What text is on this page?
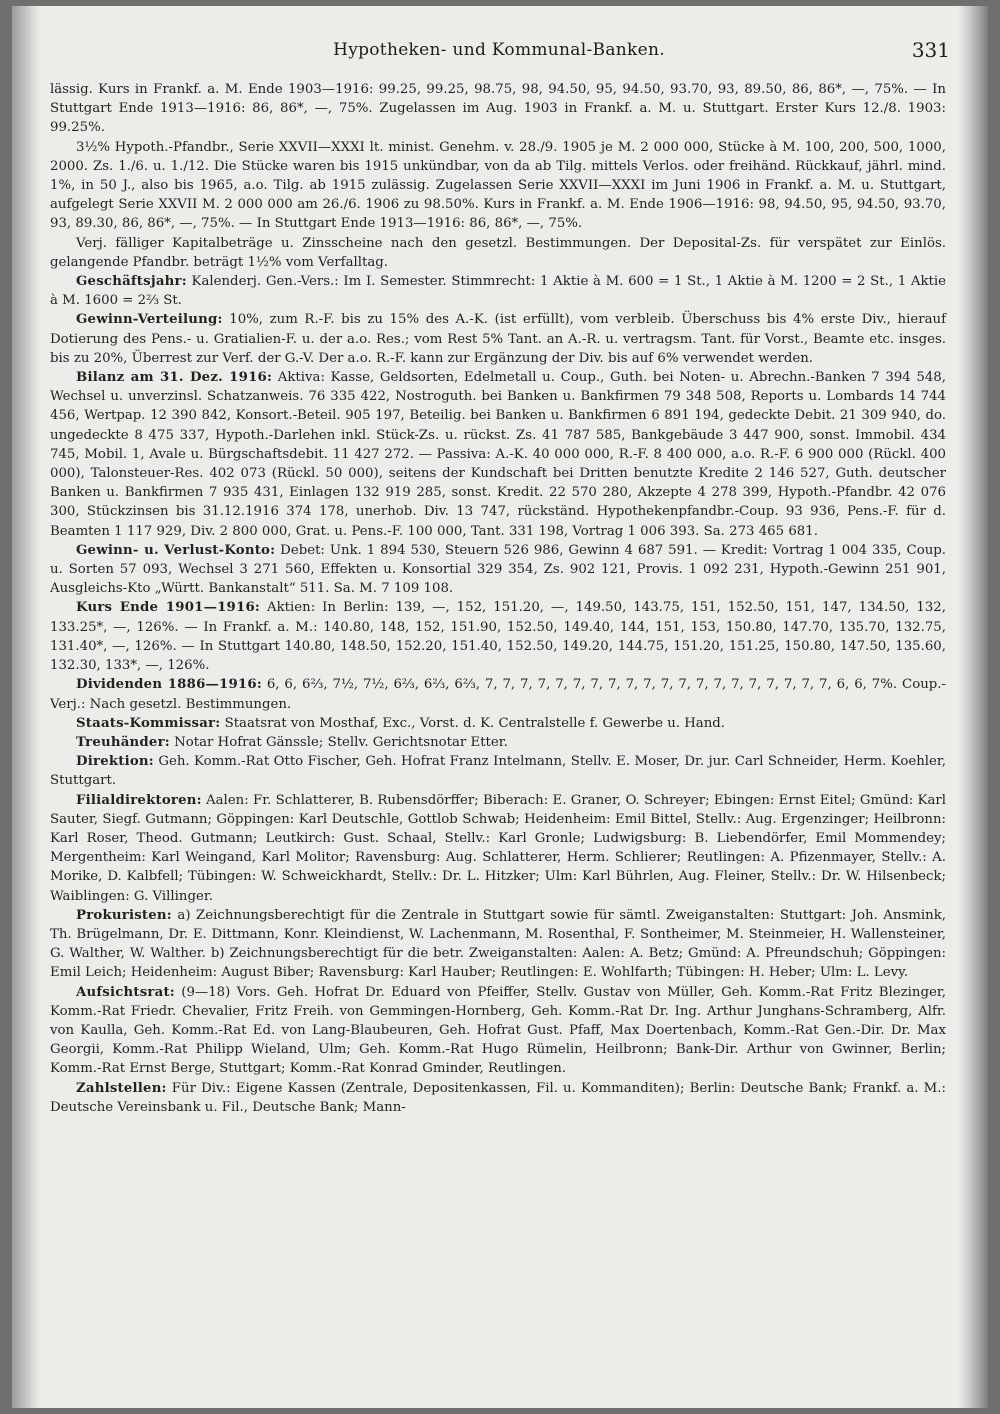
Hypotheken- und Kommunal-Banken.	331

lässig. Kurs in Frankf. a. M. Ende 1903—1916: 99.25, 99.25, 98.75, 98, 94.50, 95, 94.50, 93.70, 93, 89.50, 86, 86*, —, 75%. — In Stuttgart Ende 1913—1916: 86, 86*, —, 75%. Zugelassen im Aug. 1903 in Frankf. a. M. u. Stuttgart. Erster Kurs 12./8. 1903: 99.25%.

3½% Hypoth.-Pfandbr., Serie XXVII—XXXI lt. minist. Genehm. v. 28./9. 1905 je M. 2 000 000, Stücke à M. 100, 200, 500, 1000, 2000. Zs. 1./6. u. 1./12. Die Stücke waren bis 1915 unkündbar, von da ab Tilg. mittels Verlos. oder freihänd. Rückkauf, jährl. mind. 1%, in 50 J., also bis 1965, a.o. Tilg. ab 1915 zulässig. Zugelassen Serie XXVII—XXXI im Juni 1906 in Frankf. a. M. u. Stuttgart, aufgelegt Serie XXVII M. 2 000 000 am 26./6. 1906 zu 98.50%. Kurs in Frankf. a. M. Ende 1906—1916: 98, 94.50, 95, 94.50, 93.70, 93, 89.30, 86, 86*, —, 75%. — In Stuttgart Ende 1913—1916: 86, 86*, —, 75%.

Verj. fälliger Kapitalbeträge u. Zinsscheine nach den gesetzl. Bestimmungen. Der Deposital-Zs. für verspätet zur Einlös. gelangende Pfandbr. beträgt 1½% vom Verfalltag.

Geschäftsjahr: Kalenderj. Gen.-Vers.: Im I. Semester. Stimmrecht: 1 Aktie à M. 600 = 1 St., 1 Aktie à M. 1200 = 2 St., 1 Aktie à M. 1600 = 2⅔ St.

Gewinn-Verteilung: 10%, zum R.-F. bis zu 15% des A.-K. (ist erfüllt), vom verbleib. Überschuss bis 4% erste Div., hierauf Dotierung des Pens.- u. Gratialien-F. u. der a.o. Res.; vom Rest 5% Tant. an A.-R. u. vertragsm. Tant. für Vorst., Beamte etc. insges. bis zu 20%, Überrest zur Verf. der G.-V. Der a.o. R.-F. kann zur Ergänzung der Div. bis auf 6% verwendet werden.

Bilanz am 31. Dez. 1916: Aktiva: Kasse, Geldsorten, Edelmetall u. Coup., Guth. bei Noten- u. Abrechn.-Banken 7 394 548, Wechsel u. unverzinsl. Schatzanweis. 76 335 422, Nostroguth. bei Banken u. Bankfirmen 79 348 508, Reports u. Lombards 14 744 456, Wertpap. 12 390 842, Konsort.-Beteil. 905 197, Beteilig. bei Banken u. Bankfirmen 6 891 194, gedeckte Debit. 21 309 940, do. ungedeckte 8 475 337, Hypoth.-Darlehen inkl. Stück-Zs. u. rückst. Zs. 41 787 585, Bankgebäude 3 447 900, sonst. Immobil. 434 745, Mobil. 1, Avale u. Bürgschaftsdebit. 11 427 272. — Passiva: A.-K. 40 000 000, R.-F. 8 400 000, a.o. R.-F. 6 900 000 (Rückl. 400 000), Talonsteuer-Res. 402 073 (Rückl. 50 000), seitens der Kundschaft bei Dritten benutzte Kredite 2 146 527, Guth. deutscher Banken u. Bankfirmen 7 935 431, Einlagen 132 919 285, sonst. Kredit. 22 570 280, Akzepte 4 278 399, Hypoth.-Pfandbr. 42 076 300, Stückzinsen bis 31.12.1916 374 178, unerhob. Div. 13 747, rückständ. Hypothekenpfandbr.-Coup. 93 936, Pens.-F. für d. Beamten 1 117 929, Div. 2 800 000, Grat. u. Pens.-F. 100 000, Tant. 331 198, Vortrag 1 006 393. Sa. 273 465 681.

Gewinn- u. Verlust-Konto: Debet: Unk. 1 894 530, Steuern 526 986, Gewinn 4 687 591. — Kredit: Vortrag 1 004 335, Coup. u. Sorten 57 093, Wechsel 3 271 560, Effekten u. Konsortial 329 354, Zs. 902 121, Provis. 1 092 231, Hypoth.-Gewinn 251 901, Ausgleichs-Kto „Württ. Bankanstalt“ 511. Sa. M. 7 109 108.

Kurs Ende 1901—1916: Aktien: In Berlin: 139, —, 152, 151.20, —, 149.50, 143.75, 151, 152.50, 151, 147, 134.50, 132, 133.25*, —, 126%. — In Frankf. a. M.: 140.80, 148, 152, 151.90, 152.50, 149.40, 144, 151, 153, 150.80, 147.70, 135.70, 132.75, 131.40*, —, 126%. — In Stuttgart 140.80, 148.50, 152.20, 151.40, 152.50, 149.20, 144.75, 151.20, 151.25, 150.80, 147.50, 135.60, 132.30, 133*, —, 126%.

Dividenden 1886—1916: 6, 6, 6⅔, 7½, 7½, 6⅔, 6⅔, 6⅔, 7, 7, 7, 7, 7, 7, 7, 7, 7, 7, 7, 7, 7, 7, 7, 7, 7, 7, 7, 7, 6, 6, 7%. Coup.-Verj.: Nach gesetzl. Bestimmungen.

Staats-Kommissar: Staatsrat von Mosthaf, Exc., Vorst. d. K. Centralstelle f. Gewerbe u. Hand.

Treuhänder: Notar Hofrat Gänssle; Stellv. Gerichtsnotar Etter.

Direktion: Geh. Komm.-Rat Otto Fischer, Geh. Hofrat Franz Intelmann, Stellv. E. Moser, Dr. jur. Carl Schneider, Herm. Koehler, Stuttgart.

Filialdirektoren: Aalen: Fr. Schlatterer, B. Rubensdörffer; Biberach: E. Graner, O. Schreyer; Ebingen: Ernst Eitel; Gmünd: Karl Sauter, Siegf. Gutmann; Göppingen: Karl Deutschle, Gottlob Schwab; Heidenheim: Emil Bittel, Stellv.: Aug. Ergenzinger; Heilbronn: Karl Roser, Theod. Gutmann; Leutkirch: Gust. Schaal, Stellv.: Karl Gronle; Ludwigsburg: B. Liebendörfer, Emil Mommendey; Mergentheim: Karl Weingand, Karl Molitor; Ravensburg: Aug. Schlatterer, Herm. Schlierer; Reutlingen: A. Pfizenmayer, Stellv.: A. Morike, D. Kalbfell; Tübingen: W. Schweickhardt, Stellv.: Dr. L. Hitzker; Ulm: Karl Bührlen, Aug. Fleiner, Stellv.: Dr. W. Hilsenbeck; Waiblingen: G. Villinger.

Prokuristen: a) Zeichnungsberechtigt für die Zentrale in Stuttgart sowie für sämtl. Zweiganstalten: Stuttgart: Joh. Ansmink, Th. Brügelmann, Dr. E. Dittmann, Konr. Kleindienst, W. Lachenmann, M. Rosenthal, F. Sontheimer, M. Steinmeier, H. Wallensteiner, G. Walther, W. Walther. b) Zeichnungsberechtigt für die betr. Zweiganstalten: Aalen: A. Betz; Gmünd: A. Pfreundschuh; Göppingen: Emil Leich; Heidenheim: August Biber; Ravensburg: Karl Hauber; Reutlingen: E. Wohlfarth; Tübingen: H. Heber; Ulm: L. Levy.

Aufsichtsrat: (9—18) Vors. Geh. Hofrat Dr. Eduard von Pfeiffer, Stellv. Gustav von Müller, Geh. Komm.-Rat Fritz Blezinger, Komm.-Rat Friedr. Chevalier, Fritz Freih. von Gemmingen-Hornberg, Geh. Komm.-Rat Dr. Ing. Arthur Junghans-Schramberg, Alfr. von Kaulla, Geh. Komm.-Rat Ed. von Lang-Blaubeuren, Geh. Hofrat Gust. Pfaff, Max Doertenbach, Komm.-Rat Gen.-Dir. Dr. Max Georgii, Komm.-Rat Philipp Wieland, Ulm; Geh. Komm.-Rat Hugo Rümelin, Heilbronn; Bank-Dir. Arthur von Gwinner, Berlin; Komm.-Rat Ernst Berge, Stuttgart; Komm.-Rat Konrad Gminder, Reutlingen.

Zahlstellen: Für Div.: Eigene Kassen (Zentrale, Depositenkassen, Fil. u. Kommanditen); Berlin: Deutsche Bank; Frankf. a. M.: Deutsche Vereinsbank u. Fil., Deutsche Bank; Mann-
